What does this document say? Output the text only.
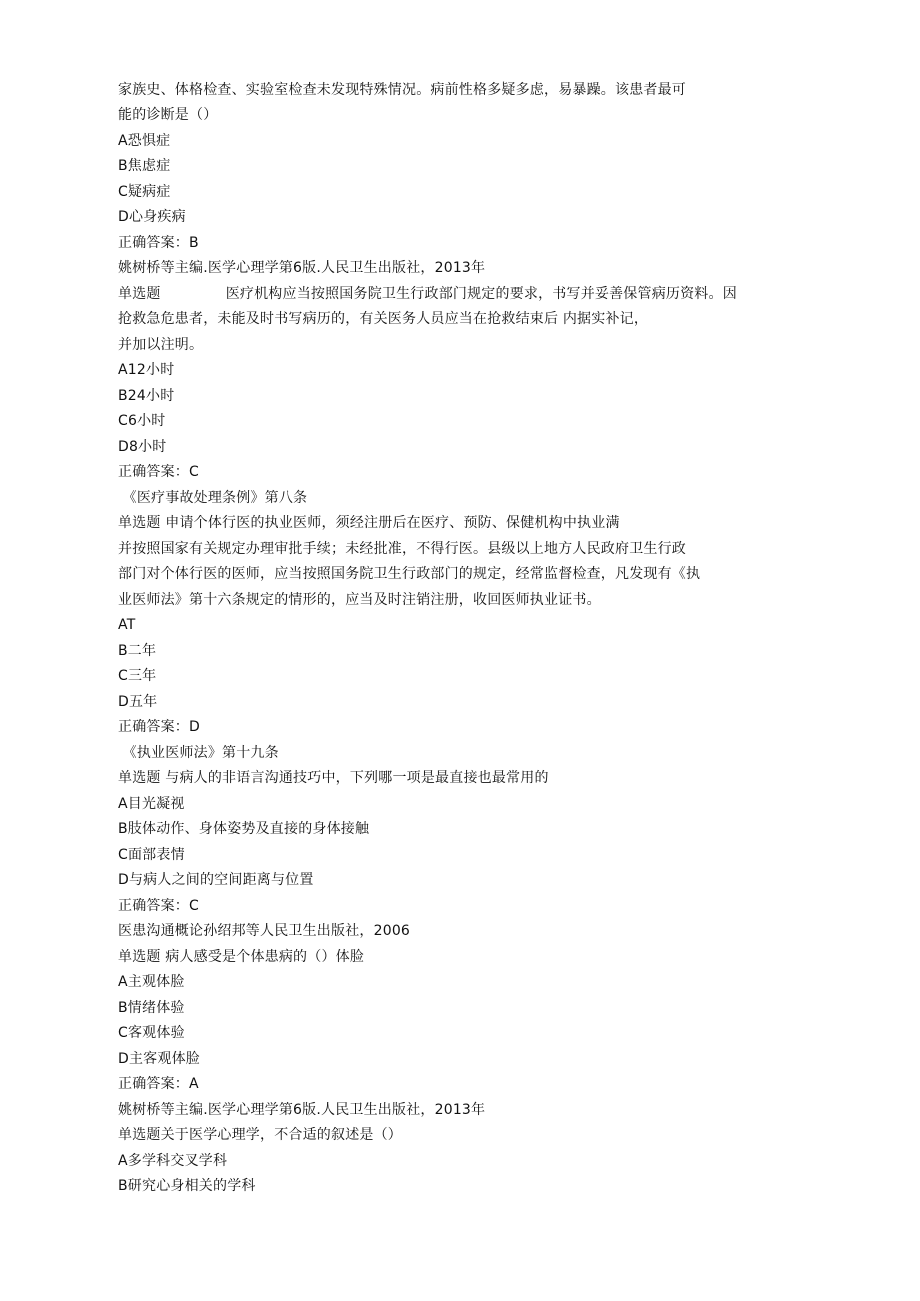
家族史、体格检查、实验室检查未发现特殊情况。病前性格多疑多虑，易暴躁。该患者最可
能的诊断是（）
A恐惧症
B焦虑症
C疑病症
D心身疾病
正确答案：B
姚树桥等主编.医学心理学第6版.人民卫生出版社，2013年
单选题              医疗机构应当按照国务院卫生行政部门规定的要求，书写并妥善保管病历资料。因
抢救急危患者，未能及时书写病历的，有关医务人员应当在抢救结束后 内据实补记，
并加以注明。
A12小时
B24小时
C6小时
D8小时
正确答案：C
《医疗事故处理条例》第八条
单选题 申请个体行医的执业医师，须经注册后在医疗、预防、保健机构中执业满
并按照国家有关规定办理审批手续；未经批准，不得行医。县级以上地方人民政府卫生行政
部门对个体行医的医师，应当按照国务院卫生行政部门的规定，经常监督检查，凡发现有《执
业医师法》第十六条规定的情形的，应当及时注销注册，收回医师执业证书。
AT
B二年
C三年
D五年
正确答案：D
《执业医师法》第十九条
单选题 与病人的非语言沟通技巧中，下列哪一项是最直接也最常用的
A目光凝视
B肢体动作、身体姿势及直接的身体接触
C面部表情
D与病人之间的空间距离与位置
正确答案：C
医患沟通概论孙绍邦等人民卫生出版社，2006
单选题 病人感受是个体患病的（）体脸
A主观体脸
B情绪体验
C客观体验
D主客观体脸
正确答案：A
姚树桥等主编.医学心理学第6版.人民卫生出版社，2013年
单选题关于医学心理学，不合适的叙述是（）
A多学科交叉学科
B研究心身相关的学科
